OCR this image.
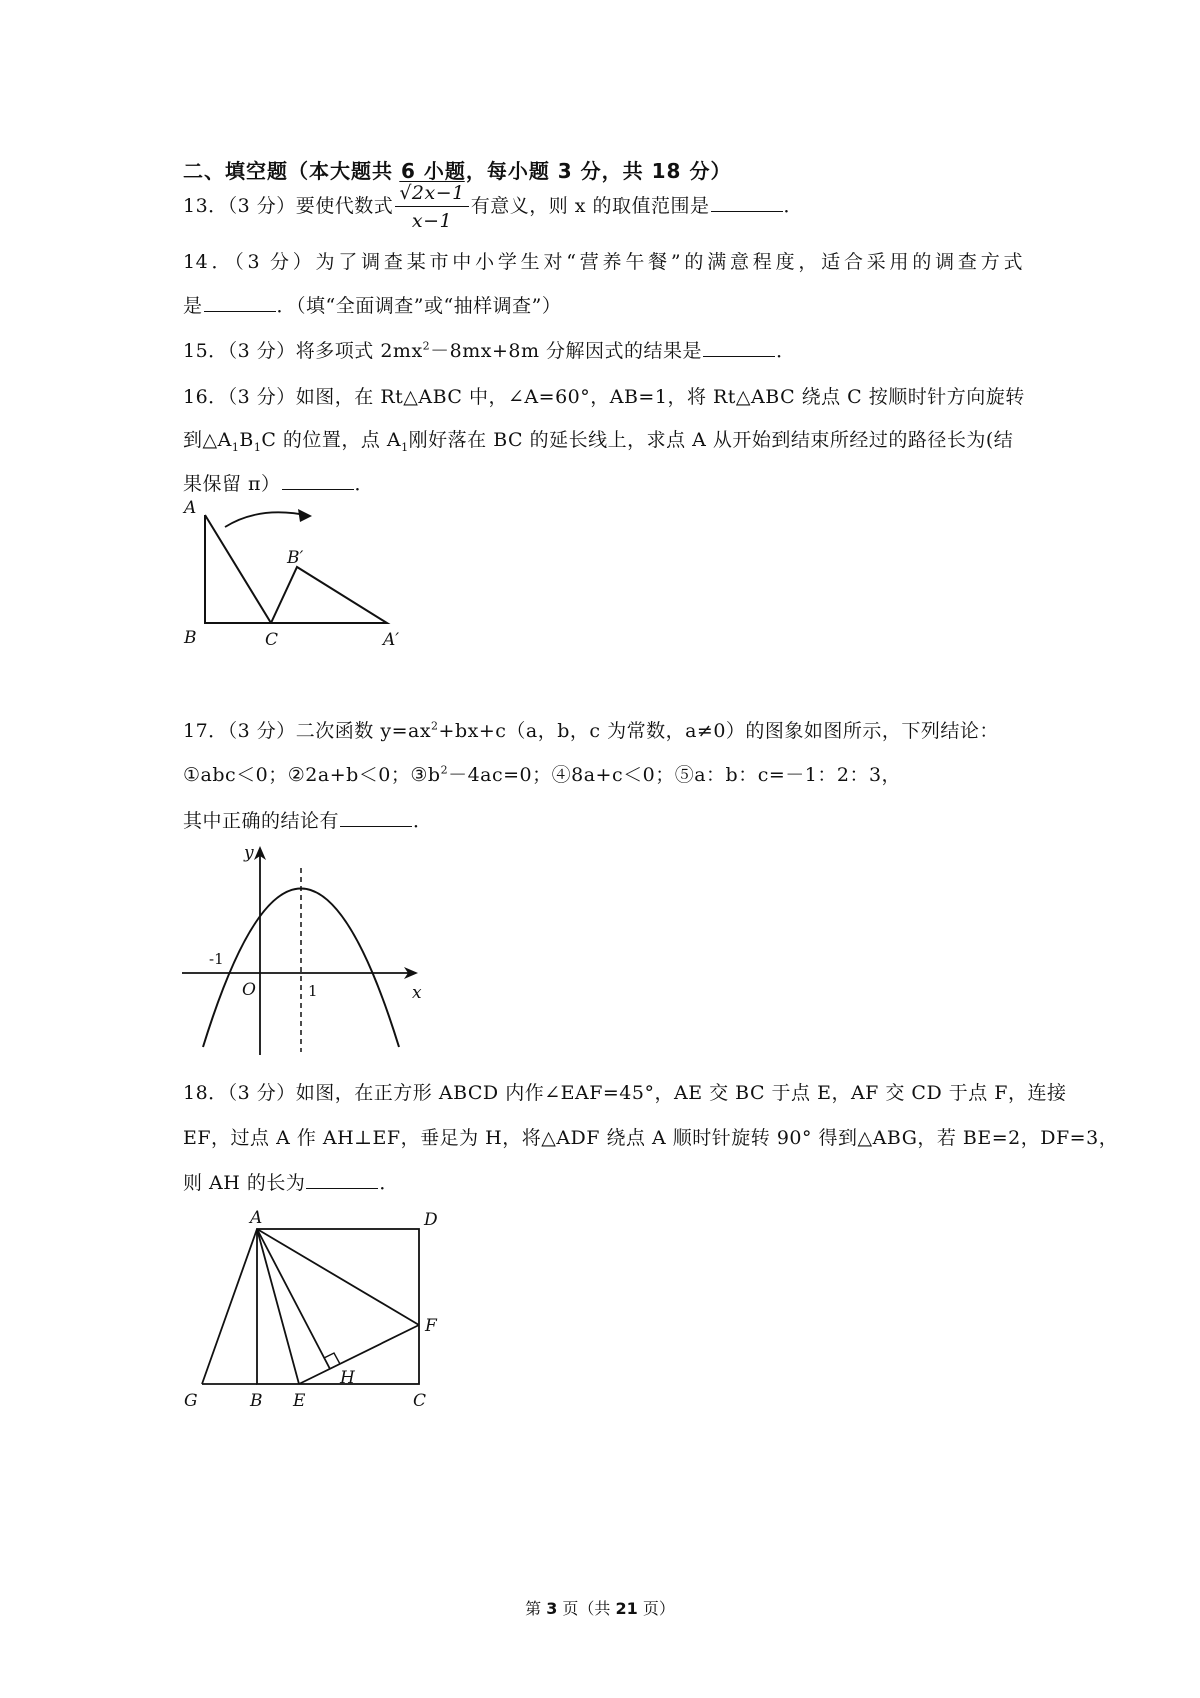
二、填空题（本大题共 6 小题，每小题 3 分，共 18 分）
13．（3 分）要使代数式 $\frac{√2x-1}{x-1}$ 有意义，则 x 的取值范围是	．
14．（3 分）为了调查某市中小学生对“营养午餐”的满意程度，适合采用的调查方式
是	．（填“全面调查”或“抽样调查”）
15．（3 分）将多项式 $2mx^2-8mx+8m$ 分解因式的结果是	．
16．（3 分）如图，在 Rt△ABC 中，∠A=60°，AB=1，将 Rt△ABC 绕点 C 按顺时针方向旋转
到$\triangle A_1B_1C$ 的位置，点 $A_1$刚好落在 BC 的延长线上，求点 A 从开始到结束所经过的路径长为(结
果保留 π）	．
A
B	C
B′
A′
17．（3 分）二次函数 $y=ax^2+bx+c(a$，b，c 为常数，a≠0）的图象如图所示，下列结论：
①abc＜0；②2a+b＜0；$③b^2-4ac=0$；④8a+c＜0；⑤a：b：c=－1：2：3，
其中正确的结论有	．
y
x
O
-1
1
18．（3 分）如图，在正方形 ABCD 内作∠EAF=45°，AE 交 BC 于点 E，AF 交 CD 于点 F，连接
EF，过点 A 作 AH⊥EF，垂足为 H，将△ADF 绕点 A 顺时针旋转 90° 得到△ABG，若 BE=2，DF=3，
则 AH 的长为	．
A	D
F
H
G	B E	C
第 3 页（共 21 页）
